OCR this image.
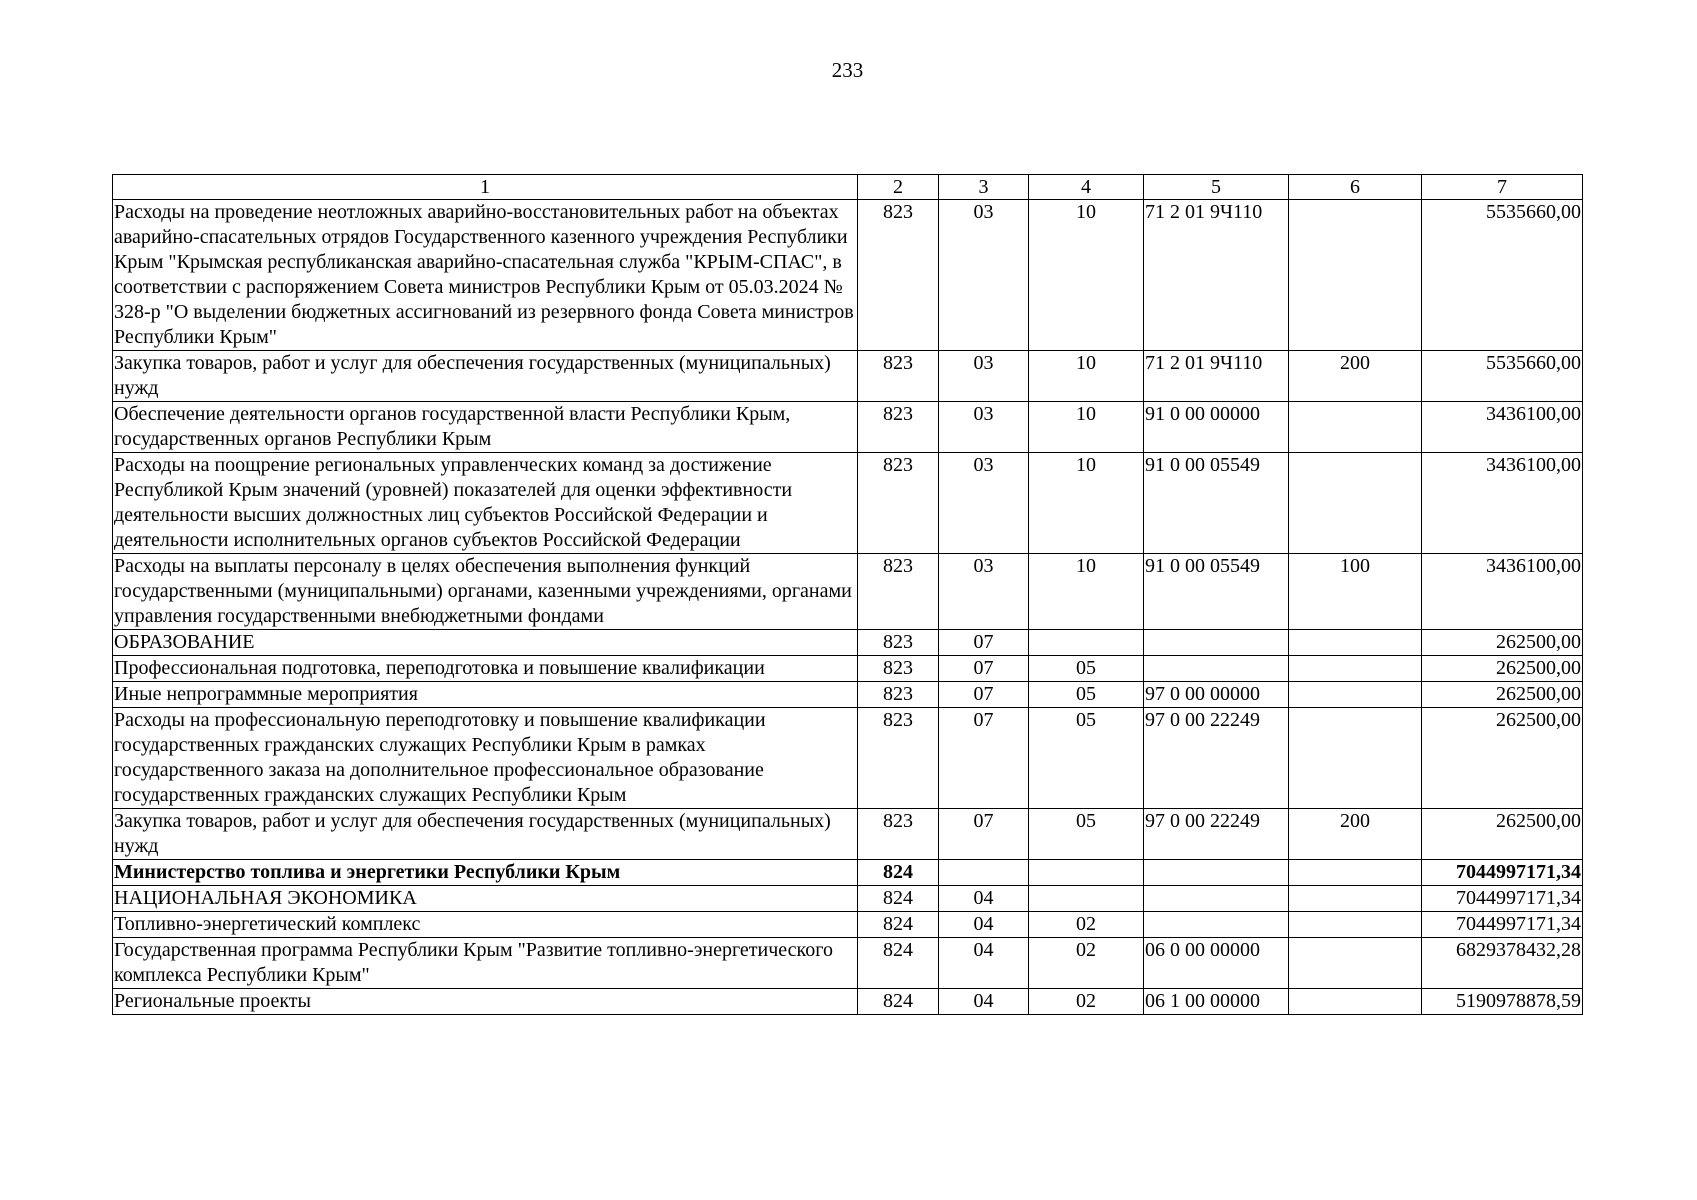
233
1	2	3	4	5	6	7
Расходы на проведение неотложных аварийно-восстановительных работ на объектах аварийно-спасательных отрядов Государственного казенного учреждения Республики Крым "Крымская республиканская аварийно-спасательная служба "КРЫМ-СПАС", в соответствии с распоряжением Совета министров Республики Крым от 05.03.2024 № 328-р "О выделении бюджетных ассигнований из резервного фонда Совета министров Республики Крым"	823	03	10	71 2 01 9Ч110		5535660,00
Закупка товаров, работ и услуг для обеспечения государственных (муниципальных) нужд	823	03	10	71 2 01 9Ч110	200	5535660,00
Обеспечение деятельности органов государственной власти Республики Крым, государственных органов Республики Крым	823	03	10	91 0 00 00000		3436100,00
Расходы на поощрение региональных управленческих команд за достижение Республикой Крым значений (уровней) показателей для оценки эффективности деятельности высших должностных лиц субъектов Российской Федерации и деятельности исполнительных органов субъектов Российской Федерации	823	03	10	91 0 00 05549		3436100,00
Расходы на выплаты персоналу в целях обеспечения выполнения функций государственными (муниципальными) органами, казенными учреждениями, органами управления государственными внебюджетными фондами	823	03	10	91 0 00 05549	100	3436100,00
ОБРАЗОВАНИЕ	823	07				262500,00
Профессиональная подготовка, переподготовка и повышение квалификации	823	07	05			262500,00
Иные непрограммные мероприятия	823	07	05	97 0 00 00000		262500,00
Расходы на профессиональную переподготовку и повышение квалификации государственных гражданских служащих Республики Крым в рамках государственного заказа на дополнительное профессиональное образование государственных гражданских служащих Республики Крым	823	07	05	97 0 00 22249		262500,00
Закупка товаров, работ и услуг для обеспечения государственных (муниципальных) нужд	823	07	05	97 0 00 22249	200	262500,00
Министерство топлива и энергетики Республики Крым	824					7044997171,34
НАЦИОНАЛЬНАЯ ЭКОНОМИКА	824	04				7044997171,34
Топливно-энергетический комплекс	824	04	02			7044997171,34
Государственная программа Республики Крым "Развитие топливно-энергетического комплекса Республики Крым"	824	04	02	06 0 00 00000		6829378432,28
Региональные проекты	824	04	02	06 1 00 00000		5190978878,59
